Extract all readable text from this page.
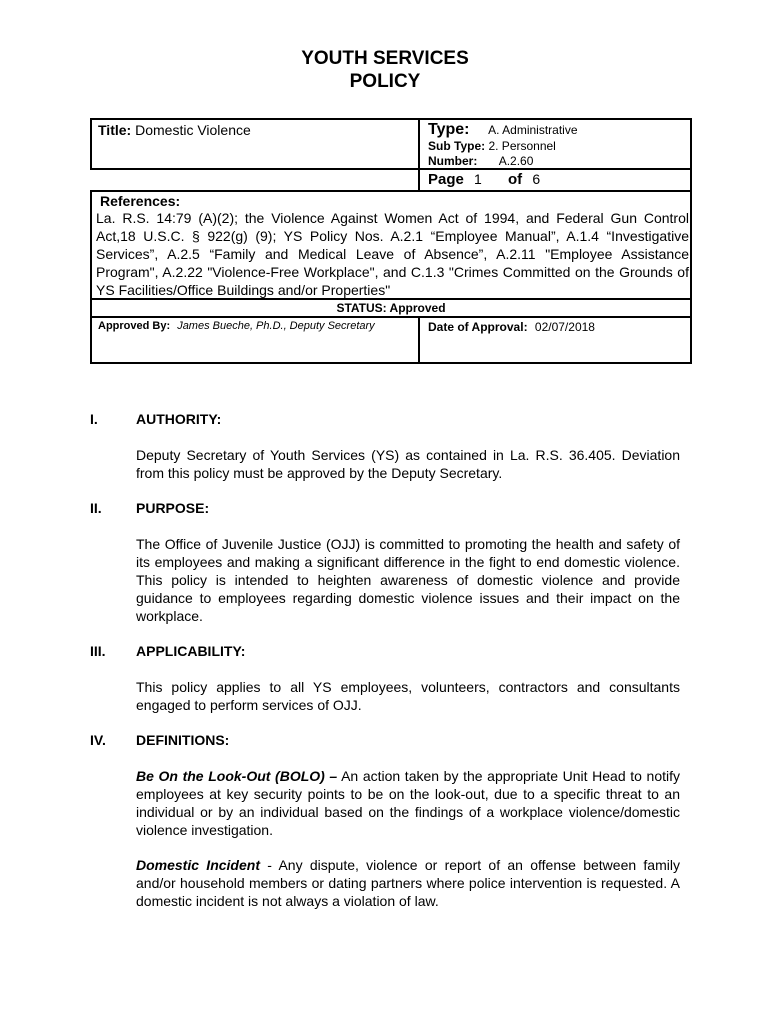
YOUTH SERVICES
POLICY
Title: Domestic Violence	Type: A. Administrative
Sub Type: 2. Personnel
Number: A.2.60
Page 1 of 6
References:
La. R.S. 14:79 (A)(2); the Violence Against Women Act of 1994, and Federal Gun Control Act,18 U.S.C. § 922(g) (9); YS Policy Nos. A.2.1 “Employee Manual”, A.1.4 “Investigative Services”, A.2.5 “Family and Medical Leave of Absence”, A.2.11 "Employee Assistance Program", A.2.22 "Violence-Free Workplace", and C.1.3 "Crimes Committed on the Grounds of YS Facilities/Office Buildings and/or Properties"
STATUS: Approved
Approved By: James Bueche, Ph.D., Deputy Secretary	Date of Approval: 02/07/2018
I.	AUTHORITY:
Deputy Secretary of Youth Services (YS) as contained in La. R.S. 36.405. Deviation from this policy must be approved by the Deputy Secretary.
II. PURPOSE:
The Office of Juvenile Justice (OJJ) is committed to promoting the health and safety of its employees and making a significant difference in the fight to end domestic violence. This policy is intended to heighten awareness of domestic violence and provide guidance to employees regarding domestic violence issues and their impact on the workplace.
III. APPLICABILITY:
This policy applies to all YS employees, volunteers, contractors and consultants engaged to perform services of OJJ.
IV. DEFINITIONS:
Be On the Look-Out (BOLO) – An action taken by the appropriate Unit Head to notify employees at key security points to be on the look-out, due to a specific threat to an individual or by an individual based on the findings of a workplace violence/domestic violence investigation.
Domestic Incident - Any dispute, violence or report of an offense between family and/or household members or dating partners where police intervention is requested. A domestic incident is not always a violation of law.
